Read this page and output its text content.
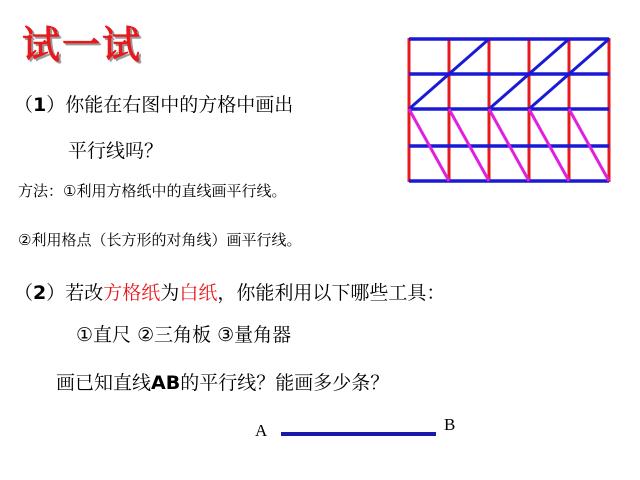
试一试
（1）你能在右图中的方格中画出
平行线吗？
方法：①利用方格纸中的直线画平行线。
②利用格点（长方形的对角线）画平行线。
（2）若改方格纸为白纸，你能利用以下哪些工具：
①直尺 ②三角板 ③量角器
画已知直线AB的平行线？能画多少条？
A	B
